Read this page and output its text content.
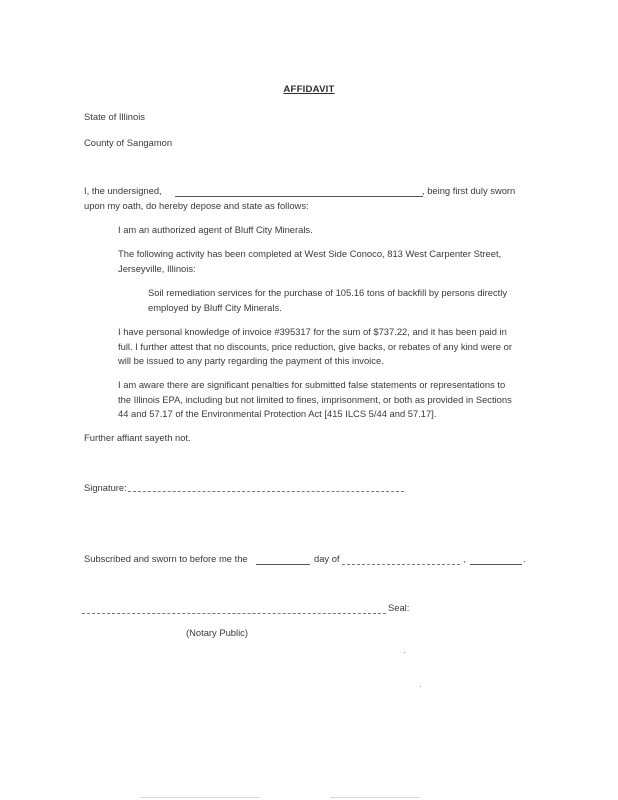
AFFIDAVIT
State of Illinois
County of Sangamon
I, the undersigned,	, being first duly sworn
upon my oath, do hereby depose and state as follows:
I am an authorized agent of Bluff City Minerals.
The following activity has been completed at West Side Conoco, 813 West Carpenter Street,
Jerseyville, Illinois:
Soil remediation services for the purchase of 105.16 tons of backfill by persons directly
employed by Bluff City Minerals.
I have personal knowledge of invoice #395317 for the sum of $737.22, and it has been paid in
full. I further attest that no discounts, price reduction, give backs, or rebates of any kind were or
will be issued to any party regarding the payment of this invoice.
I am aware there are significant penalties for submitted false statements or representations to
the Illinois EPA, including but not limited to fines, imprisonment, or both as provided in Sections
44 and 57.17 of the Environmental Protection Act [415 ILCS 5/44 and 57.17].
Further affiant sayeth not.
Signature:
Subscribed and sworn to before me the	day of	,	.
Seal:
(Notary Public)
